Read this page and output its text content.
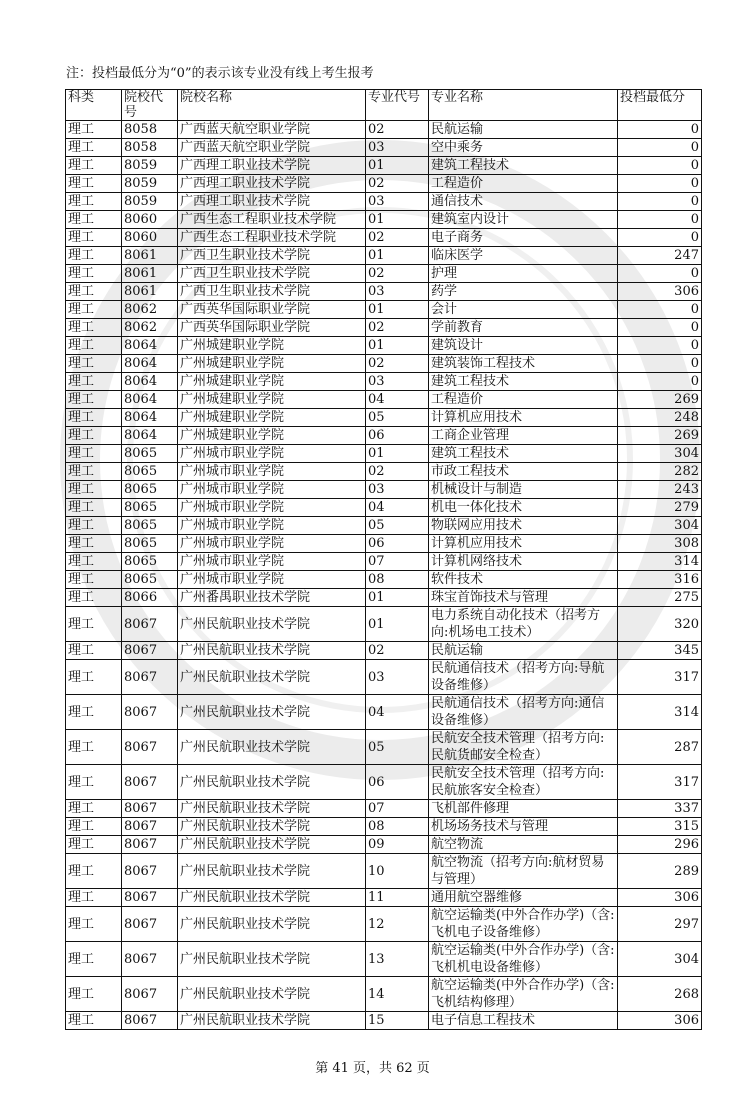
注：投档最低分为“0”的表示该专业没有线上考生报考
科类	院校代号	院校名称	专业代号	专业名称	投档最低分
理工	8058	广西蓝天航空职业学院	02	民航运输	0
理工	8058	广西蓝天航空职业学院	03	空中乘务	0
理工	8059	广西理工职业技术学院	01	建筑工程技术	0
理工	8059	广西理工职业技术学院	02	工程造价	0
理工	8059	广西理工职业技术学院	03	通信技术	0
理工	8060	广西生态工程职业技术学院	01	建筑室内设计	0
理工	8060	广西生态工程职业技术学院	02	电子商务	0
理工	8061	广西卫生职业技术学院	01	临床医学	247
理工	8061	广西卫生职业技术学院	02	护理	0
理工	8061	广西卫生职业技术学院	03	药学	306
理工	8062	广西英华国际职业学院	01	会计	0
理工	8062	广西英华国际职业学院	02	学前教育	0
理工	8064	广州城建职业学院	01	建筑设计	0
理工	8064	广州城建职业学院	02	建筑装饰工程技术	0
理工	8064	广州城建职业学院	03	建筑工程技术	0
理工	8064	广州城建职业学院	04	工程造价	269
理工	8064	广州城建职业学院	05	计算机应用技术	248
理工	8064	广州城建职业学院	06	工商企业管理	269
理工	8065	广州城市职业学院	01	建筑工程技术	304
理工	8065	广州城市职业学院	02	市政工程技术	282
理工	8065	广州城市职业学院	03	机械设计与制造	243
理工	8065	广州城市职业学院	04	机电一体化技术	279
理工	8065	广州城市职业学院	05	物联网应用技术	304
理工	8065	广州城市职业学院	06	计算机应用技术	308
理工	8065	广州城市职业学院	07	计算机网络技术	314
理工	8065	广州城市职业学院	08	软件技术	316
理工	8066	广州番禺职业技术学院	01	珠宝首饰技术与管理	275
理工	8067	广州民航职业技术学院	01	电力系统自动化技术（招考方向:机场电工技术）	320
理工	8067	广州民航职业技术学院	02	民航运输	345
理工	8067	广州民航职业技术学院	03	民航通信技术（招考方向:导航设备维修）	317
理工	8067	广州民航职业技术学院	04	民航通信技术（招考方向:通信设备维修）	314
理工	8067	广州民航职业技术学院	05	民航安全技术管理（招考方向:民航货邮安全检查）	287
理工	8067	广州民航职业技术学院	06	民航安全技术管理（招考方向:民航旅客安全检查）	317
理工	8067	广州民航职业技术学院	07	飞机部件修理	337
理工	8067	广州民航职业技术学院	08	机场场务技术与管理	315
理工	8067	广州民航职业技术学院	09	航空物流	296
理工	8067	广州民航职业技术学院	10	航空物流（招考方向:航材贸易与管理）	289
理工	8067	广州民航职业技术学院	11	通用航空器维修	306
理工	8067	广州民航职业技术学院	12	航空运输类(中外合作办学)（含:飞机电子设备维修）	297
理工	8067	广州民航职业技术学院	13	航空运输类(中外合作办学)（含:飞机机电设备维修）	304
理工	8067	广州民航职业技术学院	14	航空运输类(中外合作办学)（含:飞机结构修理）	268
理工	8067	广州民航职业技术学院	15	电子信息工程技术	306
第 41 页，共 62 页
